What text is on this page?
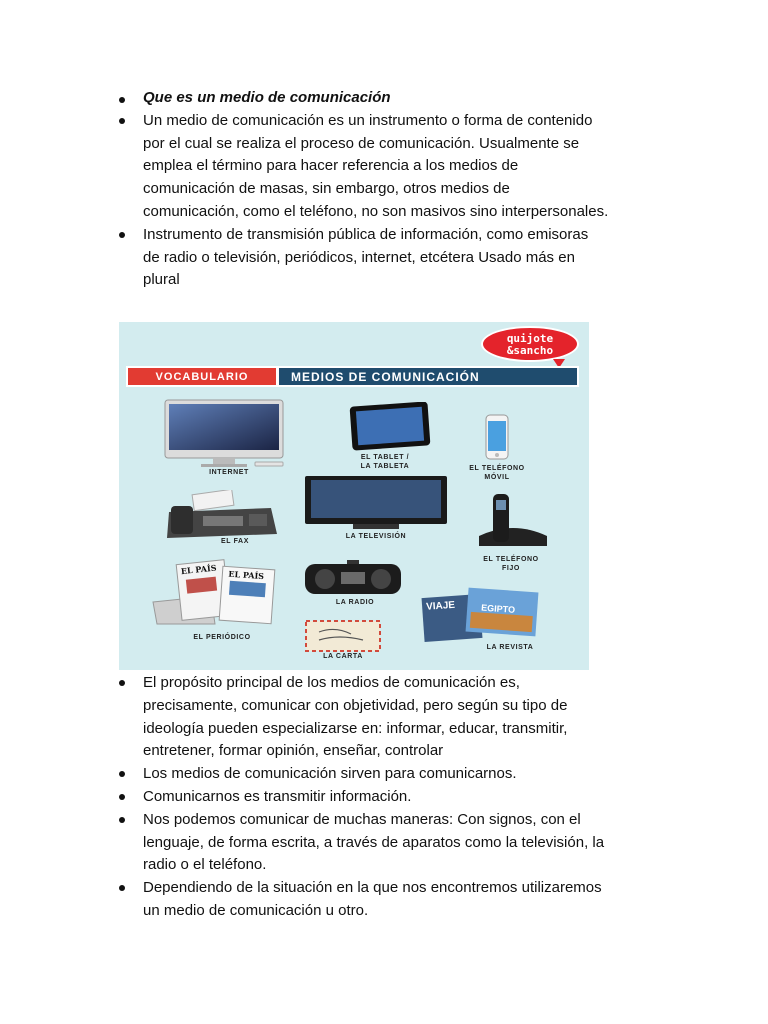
Que es un medio de comunicación
Un medio de comunicación es un instrumento o forma de contenido por el cual se realiza el proceso de comunicación. Usualmente se emplea el término para hacer referencia a los medios de comunicación de masas, sin embargo, otros medios de comunicación, como el teléfono, no son masivos sino interpersonales.
Instrumento de transmisión pública de información, como emisoras de radio o televisión, periódicos, internet, etcétera Usado más en plural
quijote
&sancho
VOCABULARIO	MEDIOS DE COMUNICACIÓN
INTERNET
EL TABLET /
LA TABLETA	EL TELÉFONO
MÓVIL
EL FAX
LA TELEVISIÓN
EL TELÉFONO
FIJO
EL PAÍS EL PAÍS
EL PERIÓDICO
LA RADIO
LA CARTA
VIAJE	EGIPTO
LA REVISTA
El propósito principal de los medios de comunicación es, precisamente, comunicar con objetividad, pero según su tipo de ideología pueden especializarse en: informar, educar, transmitir, entretener, formar opinión, enseñar, controlar
Los medios de comunicación sirven para comunicarnos.
Comunicarnos es transmitir información.
Nos podemos comunicar de muchas maneras: Con signos, con el lenguaje, de forma escrita, a través de aparatos como la televisión, la radio o el teléfono.
Dependiendo de la situación en la que nos encontremos utilizaremos un medio de comunicación u otro.
